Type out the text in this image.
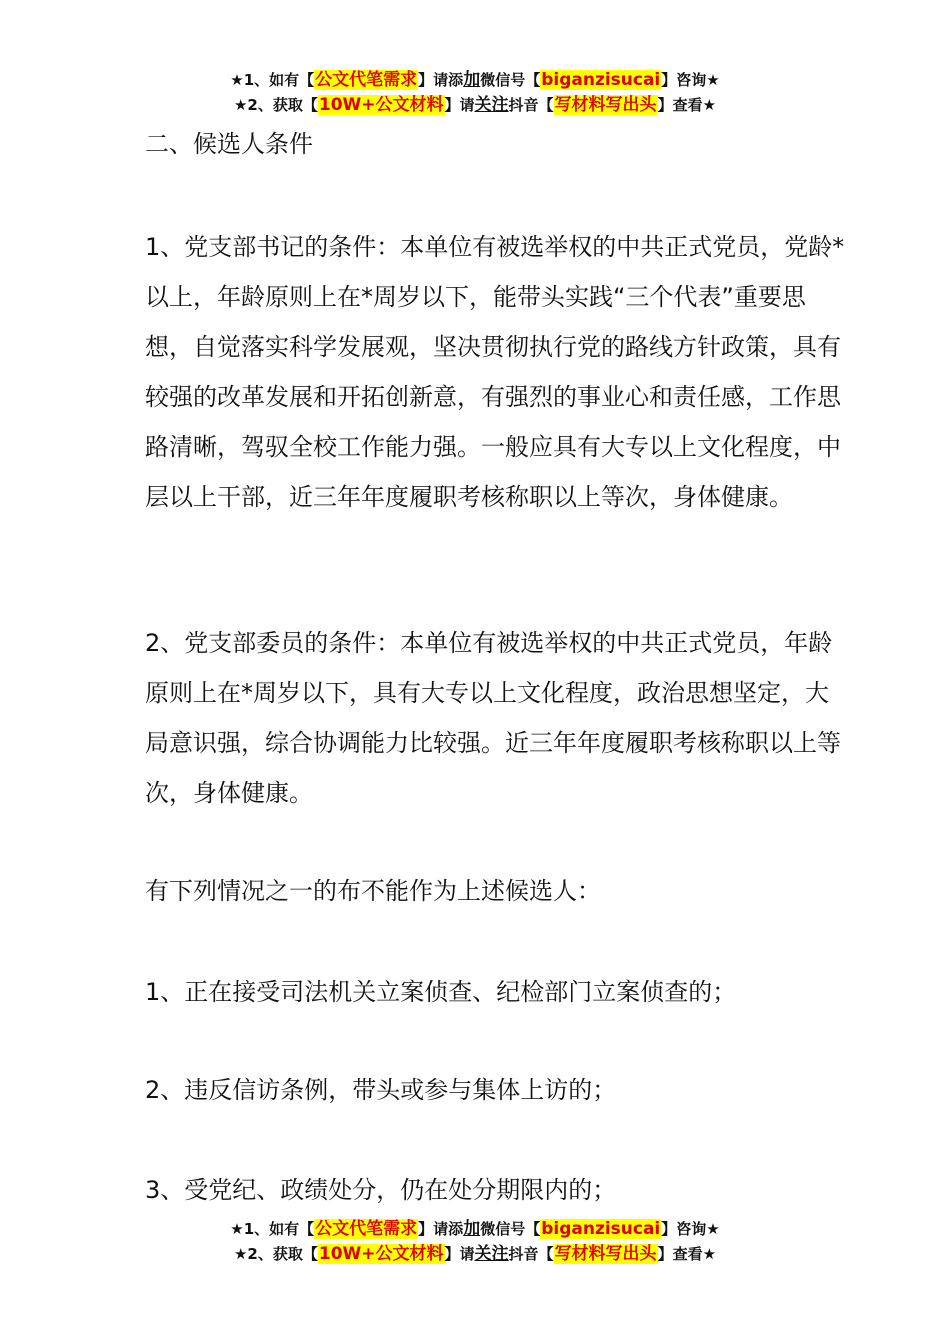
★1、如有【公文代笔需求】请添加微信号【biganzisucai】咨询★
★2、获取【10W+公文材料】请关注抖音【写材料写出头】查看★
二、候选人条件

1、党支部书记的条件：本单位有被选举权的中共正式党员，党龄*以上，年龄原则上在*周岁以下，能带头实践“三个代表”重要思想，自觉落实科学发展观，坚决贯彻执行党的路线方针政策，具有较强的改革发展和开拓创新意，有强烈的事业心和责任感，工作思路清晰，驾驭全校工作能力强。一般应具有大专以上文化程度，中层以上干部，近三年年度履职考核称职以上等次，身体健康。

2、党支部委员的条件：本单位有被选举权的中共正式党员，年龄原则上在*周岁以下，具有大专以上文化程度，政治思想坚定，大局意识强，综合协调能力比较强。近三年年度履职考核称职以上等次，身体健康。

有下列情况之一的布不能作为上述候选人：

1、正在接受司法机关立案侦查、纪检部门立案侦查的；

2、违反信访条例，带头或参与集体上访的；

3、受党纪、政绩处分，仍在处分期限内的；

★1、如有【公文代笔需求】请添加微信号【biganzisucai】咨询★
★2、获取【10W+公文材料】请关注抖音【写材料写出头】查看★
